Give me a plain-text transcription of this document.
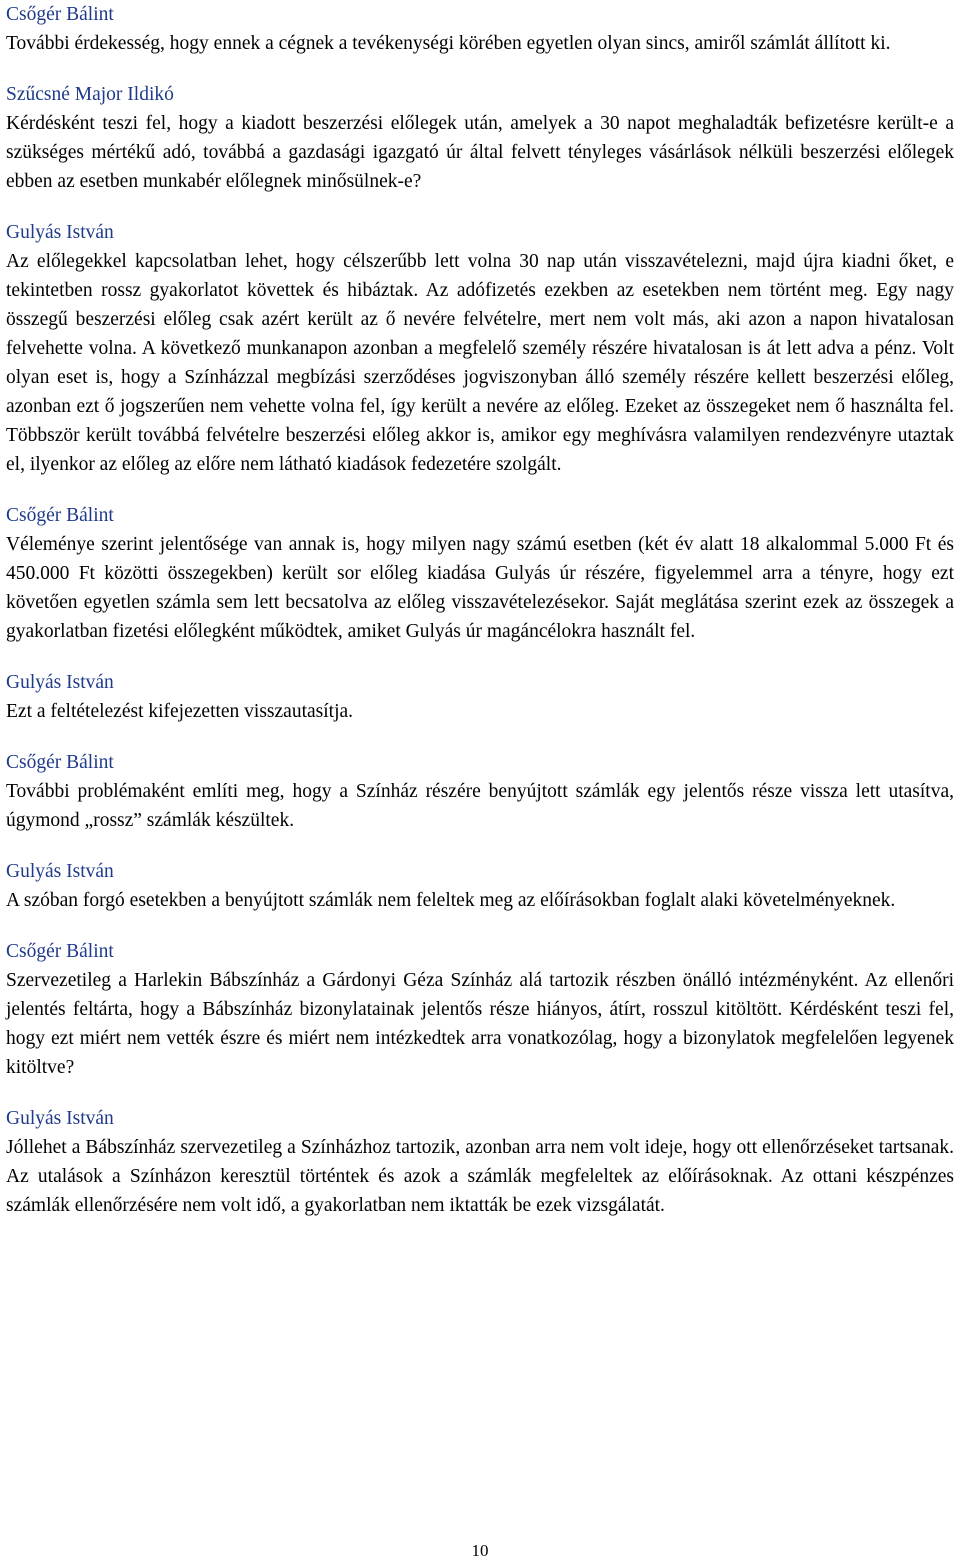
Csőgér Bálint

További érdekesség, hogy ennek a cégnek a tevékenységi körében egyetlen olyan sincs, amiről számlát állított ki.

Szűcsné Major Ildikó

Kérdésként teszi fel, hogy a kiadott beszerzési előlegek után, amelyek a 30 napot meghaladták befizetésre került-e a szükséges mértékű adó, továbbá a gazdasági igazgató úr által felvett tényleges vásárlások nélküli beszerzési előlegek ebben az esetben munkabér előlegnek minősülnek-e?

Gulyás István

Az előlegekkel kapcsolatban lehet, hogy célszerűbb lett volna 30 nap után visszavételezni, majd újra kiadni őket, e tekintetben rossz gyakorlatot követtek és hibáztak. Az adófizetés ezekben az esetekben nem történt meg. Egy nagy összegű beszerzési előleg csak azért került az ő nevére felvételre, mert nem volt más, aki azon a napon hivatalosan felvehette volna. A következő munkanapon azonban a megfelelő személy részére hivatalosan is át lett adva a pénz. Volt olyan eset is, hogy a Színházzal megbízási szerződéses jogviszonyban álló személy részére kellett beszerzési előleg, azonban ezt ő jogszerűen nem vehette volna fel, így került a nevére az előleg. Ezeket az összegeket nem ő használta fel. Többször került továbbá felvételre beszerzési előleg akkor is, amikor egy meghívásra valamilyen rendezvényre utaztak el, ilyenkor az előleg az előre nem látható kiadások fedezetére szolgált.

Csőgér Bálint

Véleménye szerint jelentősége van annak is, hogy milyen nagy számú esetben (két év alatt 18 alkalommal 5.000 Ft és 450.000 Ft közötti összegekben) került sor előleg kiadása Gulyás úr részére, figyelemmel arra a tényre, hogy ezt követően egyetlen számla sem lett becsatolva az előleg visszavételezésekor. Saját meglátása szerint ezek az összegek a gyakorlatban fizetési előlegként működtek, amiket Gulyás úr magáncélokra használt fel.

Gulyás István

Ezt a feltételezést kifejezetten visszautasítja.

Csőgér Bálint

További problémaként említi meg, hogy a Színház részére benyújtott számlák egy jelentős része vissza lett utasítva, úgymond „rossz” számlák készültek.

Gulyás István

A szóban forgó esetekben a benyújtott számlák nem feleltek meg az előírásokban foglalt alaki követelményeknek.

Csőgér Bálint

Szervezetileg a Harlekin Bábszínház a Gárdonyi Géza Színház alá tartozik részben önálló intézményként. Az ellenőri jelentés feltárta, hogy a Bábszínház bizonylatainak jelentős része hiányos, átírt, rosszul kitöltött. Kérdésként teszi fel, hogy ezt miért nem vették észre és miért nem intézkedtek arra vonatkozólag, hogy a bizonylatok megfelelően legyenek kitöltve?

Gulyás István

Jóllehet a Bábszínház szervezetileg a Színházhoz tartozik, azonban arra nem volt ideje, hogy ott ellenőrzéseket tartsanak. Az utalások a Színházon keresztül történtek és azok a számlák megfeleltek az előírásoknak. Az ottani készpénzes számlák ellenőrzésére nem volt idő, a gyakorlatban nem iktatták be ezek vizsgálatát.

10
